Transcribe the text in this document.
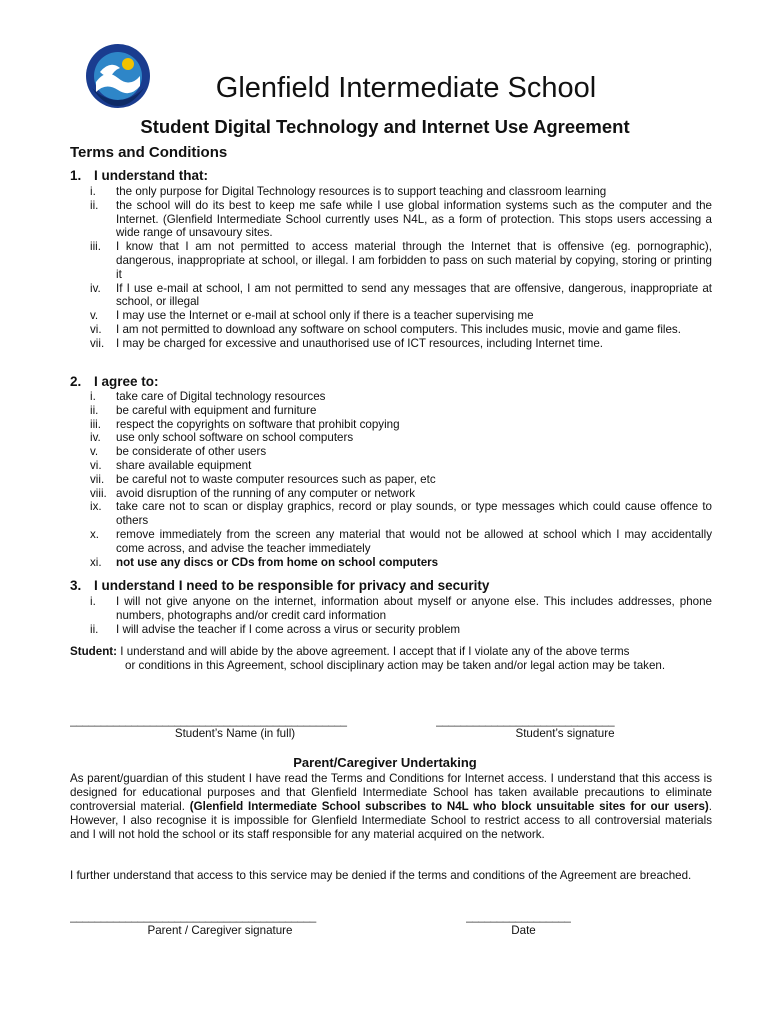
Glenfield Intermediate School
Student Digital Technology and Internet Use Agreement
Terms and Conditions
1. I understand that:
i.	the only purpose for Digital Technology resources is to support teaching and classroom learning
ii.	the school will do its best to keep me safe while I use global information systems such as the computer and the Internet. (Glenfield Intermediate School currently uses N4L, as a form of protection. This stops users accessing a wide range of unsavoury sites.
iii.	I know that I am not permitted to access material through the Internet that is offensive (eg. pornographic), dangerous, inappropriate at school, or illegal. I am forbidden to pass on such material by copying, storing or printing it
iv.	If I use e-mail at school, I am not permitted to send any messages that are offensive, dangerous, inappropriate at school, or illegal
v.	I may use the Internet or e-mail at school only if there is a teacher supervising me
vi.	I am not permitted to download any software on school computers. This includes music, movie and game files.
vii.	I may be charged for excessive and unauthorised use of ICT resources, including Internet time.
2. I agree to:
i.	take care of Digital technology resources
ii.	be careful with equipment and furniture
iii.	respect the copyrights on software that prohibit copying
iv.	use only school software on school computers
v.	be considerate of other users
vi.	share available equipment
vii.	be careful not to waste computer resources such as paper, etc
viii. avoid disruption of the running of any computer or network
ix.	take care not to scan or display graphics, record or play sounds, or type messages which could cause offence to others
x.	remove immediately from the screen any material that would not be allowed at school which I may accidentally come across, and advise the teacher immediately
xi.	not use any discs or CDs from home on school computers
3. I understand I need to be responsible for privacy and security
i.	I will not give anyone on the internet, information about myself or anyone else. This includes addresses, phone numbers, photographs and/or credit card information
ii.	I will advise the teacher if I come across a virus or security problem
Student: I understand and will abide by the above agreement. I accept that if I violate any of the above terms
or conditions in this Agreement, school disciplinary action may be taken and/or legal action may be taken.
_____________________________________________
Student’s Name (in full)
_____________________________
Student’s signature
Parent/Caregiver Undertaking

As parent/guardian of this student I have read the Terms and Conditions for Internet access. I understand that this access is designed for educational purposes and that Glenfield Intermediate School has taken available precautions to eliminate controversial material. (Glenfield Intermediate School subscribes to N4L who block unsuitable sites for our users). However, I also recognise it is impossible for Glenfield Intermediate School to restrict access to all controversial materials and I will not hold the school or its staff responsible for any material acquired on the network.

I further understand that access to this service may be denied if the terms and conditions of the Agreement are breached.

________________________________________
Parent / Caregiver signature
_________________
Date
